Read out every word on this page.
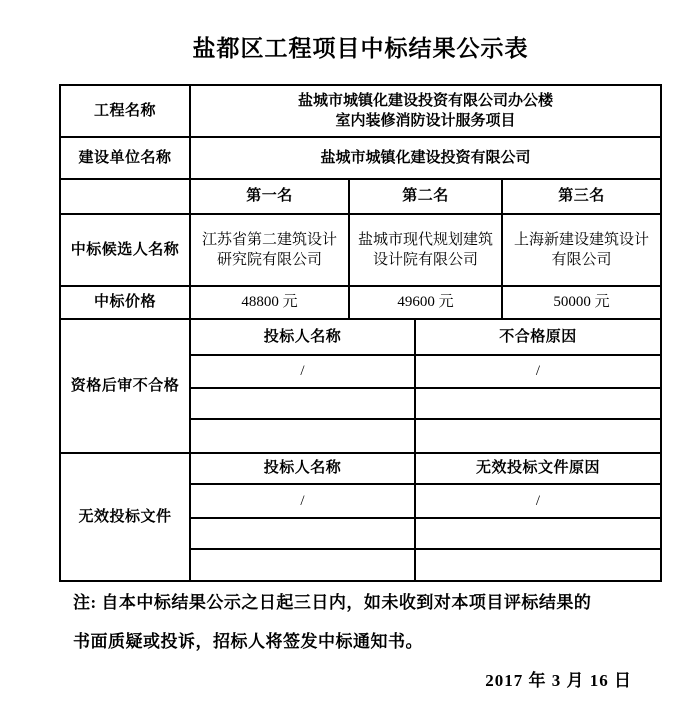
盐都区工程项目中标结果公示表
工程名称	盐城市城镇化建设投资有限公司办公楼
室内装修消防设计服务项目			

建设单位名称	盐城市城镇化建设投资有限公司			
	第一名	第二名		第三名
中标候选人名称	江苏省第二建筑设计研究院有限公司	盐城市现代规划建筑设计院有限公司		上海新建设建筑设计有限公司
中标价格	48800 元	49600 元		50000 元
资格后审不合格	投标人名称		不合格原因	
	/		/	

无效投标文件	投标人名称		无效投标文件原因	
	/		/	

注: 自本中标结果公示之日起三日内，如未收到对本项目评标结果的
书面质疑或投诉，招标人将签发中标通知书。
2017 年 3 月 16 日
